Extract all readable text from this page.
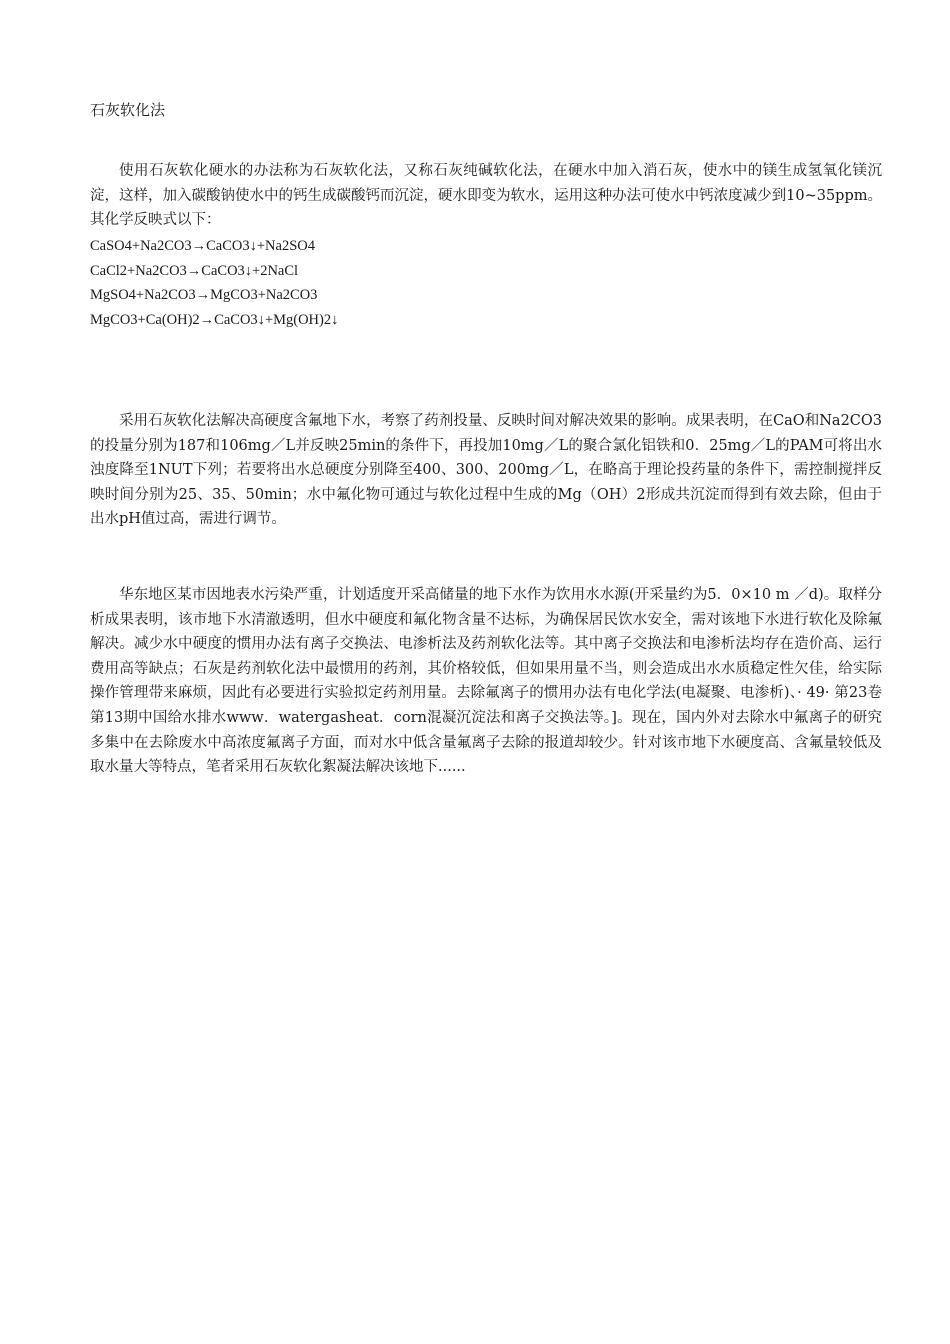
石灰软化法

使用石灰软化硬水的办法称为石灰软化法，又称石灰纯碱软化法，在硬水中加入消石灰，使水中的镁生成氢氧化镁沉淀，这样，加入碳酸钠使水中的钙生成碳酸钙而沉淀，硬水即变为软水，运用这种办法可使水中钙浓度减少到10~35ppm。其化学反映式以下：

CaSO4+Na2CO3→CaCO3↓+Na2SO4
CaCl2+Na2CO3→CaCO3↓+2NaCl
MgSO4+Na2CO3→MgCO3+Na2CO3
MgCO3+Ca(OH)2→CaCO3↓+Mg(OH)2↓

采用石灰软化法解决高硬度含氟地下水，考察了药剂投量、反映时间对解决效果的影响。成果表明，在CaO和Na2CO3的投量分别为187和106mg／L并反映25min的条件下，再投加10mg／L的聚合氯化铝铁和0．25mg／L的PAM可将出水浊度降至1NUT下列；若要将出水总硬度分别降至400、300、200mg／L，在略高于理论投药量的条件下，需控制搅拌反映时间分别为25、35、50min；水中氟化物可通过与软化过程中生成的Mg（OH）2形成共沉淀而得到有效去除，但由于出水pH值过高，需进行调节。

华东地区某市因地表水污染严重，计划适度开采高储量的地下水作为饮用水水源(开采量约为5．0×10 m ／d)。取样分析成果表明，该市地下水清澈透明，但水中硬度和氟化物含量不达标，为确保居民饮水安全，需对该地下水进行软化及除氟解决。减少水中硬度的惯用办法有离子交换法、电渗析法及药剂软化法等。其中离子交换法和电渗析法均存在造价高、运行费用高等缺点；石灰是药剂软化法中最惯用的药剂，其价格较低，但如果用量不当，则会造成出水水质稳定性欠佳，给实际操作管理带来麻烦，因此有必要进行实验拟定药剂用量。去除氟离子的惯用办法有电化学法(电凝聚、电渗析)、· 49· 第23卷第13期中国给水排水www．watergasheat．corn混凝沉淀法和离子交换法等。]。现在，国内外对去除水中氟离子的研究多集中在去除废水中高浓度氟离子方面，而对水中低含量氟离子去除的报道却较少。针对该市地下水硬度高、含氟量较低及取水量大等特点，笔者采用石灰软化絮凝法解决该地下......
